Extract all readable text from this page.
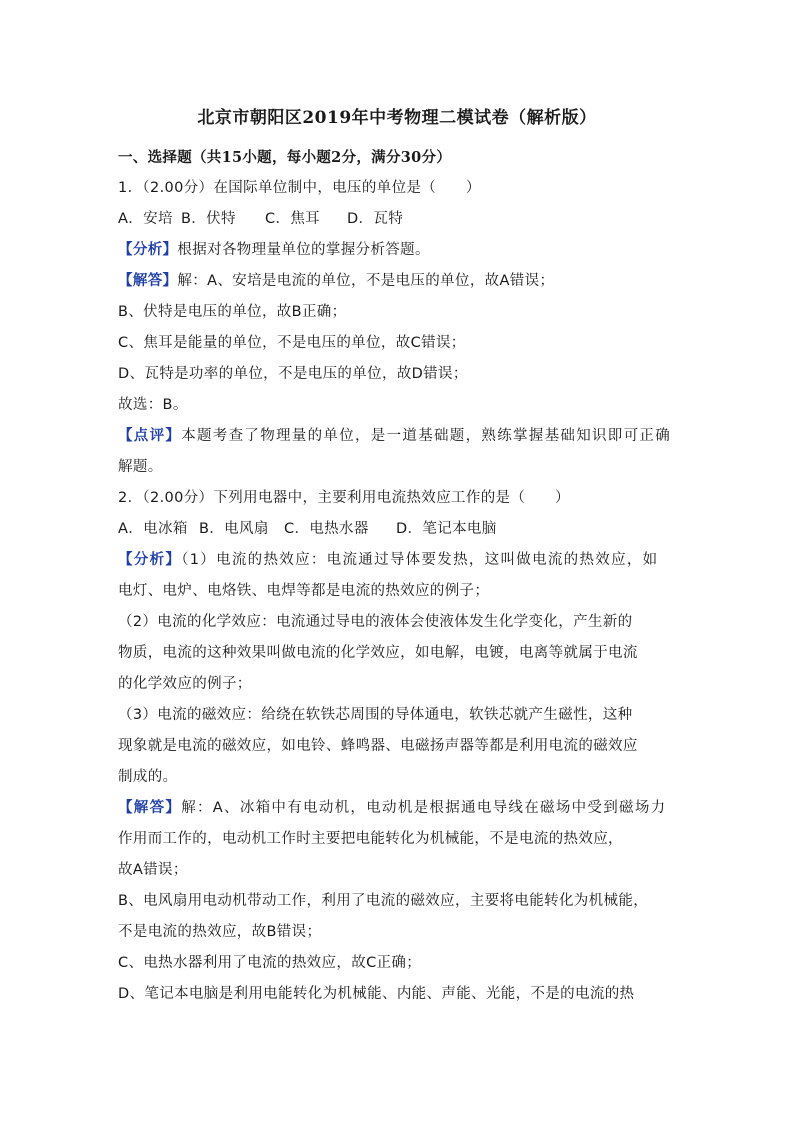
北京市朝阳区2019年中考物理二模试卷（解析版）
一、选择题（共15小题，每小题2分，满分30分）
1．（2.00分）在国际单位制中，电压的单位是（　　）
A．安培 B．伏特 C．焦耳 D．瓦特
【分析】根据对各物理量单位的掌握分析答题。
【解答】解：A、安培是电流的单位，不是电压的单位，故A错误；
B、伏特是电压的单位，故B正确；
C、焦耳是能量的单位，不是电压的单位，故C错误；
D、瓦特是功率的单位，不是电压的单位，故D错误；
故选：B。
【点评】本题考查了物理量的单位，是一道基础题，熟练掌握基础知识即可正确
解题。
2．（2.00分）下列用电器中，主要利用电流热效应工作的是（　　）
A．电冰箱 B．电风扇 C．电热水器 D．笔记本电脑
【分析】（1）电流的热效应：电流通过导体要发热，这叫做电流的热效应，如
电灯、电炉、电烙铁、电焊等都是电流的热效应的例子；
（2）电流的化学效应：电流通过导电的液体会使液体发生化学变化，产生新的
物质，电流的这种效果叫做电流的化学效应，如电解，电镀，电离等就属于电流
的化学效应的例子；
（3）电流的磁效应：给绕在软铁芯周围的导体通电，软铁芯就产生磁性，这种
现象就是电流的磁效应，如电铃、蜂鸣器、电磁扬声器等都是利用电流的磁效应
制成的。
【解答】解：A、冰箱中有电动机，电动机是根据通电导线在磁场中受到磁场力
作用而工作的，电动机工作时主要把电能转化为机械能，不是电流的热效应，
故A错误；
B、电风扇用电动机带动工作，利用了电流的磁效应，主要将电能转化为机械能，
不是电流的热效应，故B错误；
C、电热水器利用了电流的热效应，故C正确；
D、笔记本电脑是利用电能转化为机械能、内能、声能、光能，不是的电流的热
